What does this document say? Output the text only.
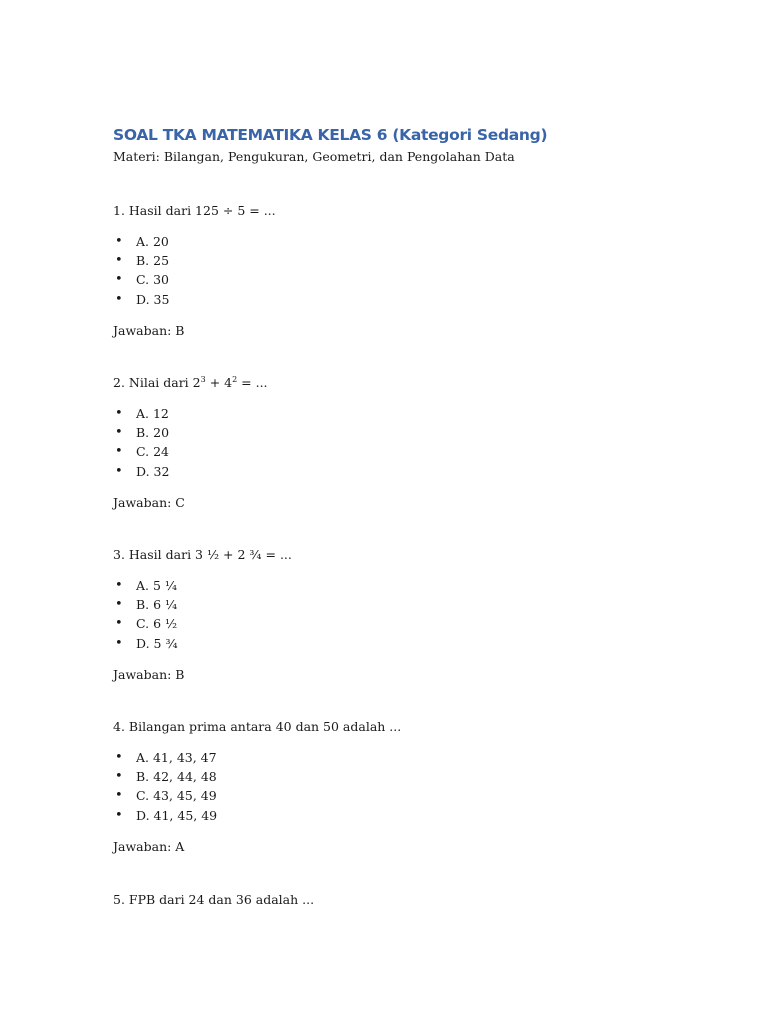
SOAL TKA MATEMATIKA KELAS 6 (Kategori Sedang)

Materi: Bilangan, Pengukuran, Geometri, dan Pengolahan Data

1. Hasil dari 125 ÷ 5 = ...

• A. 20
• B. 25
• C. 30
• D. 35

Jawaban: B

2. Nilai dari $2^3 + 4^2$ = ...

• A. 12
• B. 20
• C. 24
• D. 32

Jawaban: C

3. Hasil dari 3 ½ + 2 ¾ = ...

• A. 5 ¼
• B. 6 ¼
• C. 6 ½
• D. 5 ¾

Jawaban: B

4. Bilangan prima antara 40 dan 50 adalah ...

• A. 41, 43, 47
• B. 42, 44, 48
• C. 43, 45, 49
• D. 41, 45, 49

Jawaban: A

5. FPB dari 24 dan 36 adalah ...
